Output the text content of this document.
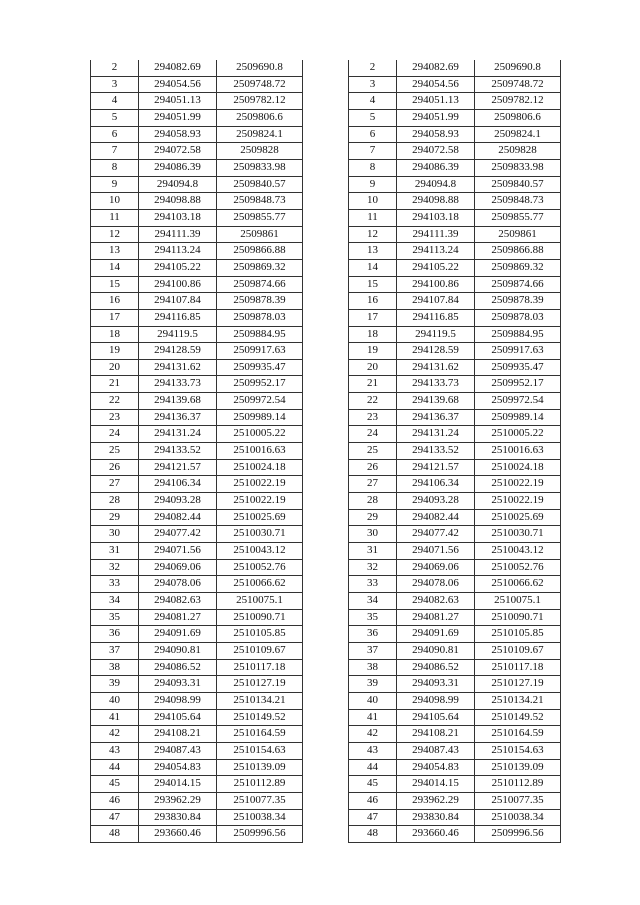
2	294082.69	2509690.8
3	294054.56	2509748.72
4	294051.13	2509782.12
5	294051.99	2509806.6
6	294058.93	2509824.1
7	294072.58	2509828
8	294086.39	2509833.98
9	294094.8	2509840.57
10	294098.88	2509848.73
11	294103.18	2509855.77
12	294111.39	2509861
13	294113.24	2509866.88
14	294105.22	2509869.32
15	294100.86	2509874.66
16	294107.84	2509878.39
17	294116.85	2509878.03
18	294119.5	2509884.95
19	294128.59	2509917.63
20	294131.62	2509935.47
21	294133.73	2509952.17
22	294139.68	2509972.54
23	294136.37	2509989.14
24	294131.24	2510005.22
25	294133.52	2510016.63
26	294121.57	2510024.18
27	294106.34	2510022.19
28	294093.28	2510022.19
29	294082.44	2510025.69
30	294077.42	2510030.71
31	294071.56	2510043.12
32	294069.06	2510052.76
33	294078.06	2510066.62
34	294082.63	2510075.1
35	294081.27	2510090.71
36	294091.69	2510105.85
37	294090.81	2510109.67
38	294086.52	2510117.18
39	294093.31	2510127.19
40	294098.99	2510134.21
41	294105.64	2510149.52
42	294108.21	2510164.59
43	294087.43	2510154.63
44	294054.83	2510139.09
45	294014.15	2510112.89
46	293962.29	2510077.35
47	293830.84	2510038.34
48	293660.46	2509996.56
2	294082.69	2509690.8
3	294054.56	2509748.72
4	294051.13	2509782.12
5	294051.99	2509806.6
6	294058.93	2509824.1
7	294072.58	2509828
8	294086.39	2509833.98
9	294094.8	2509840.57
10	294098.88	2509848.73
11	294103.18	2509855.77
12	294111.39	2509861
13	294113.24	2509866.88
14	294105.22	2509869.32
15	294100.86	2509874.66
16	294107.84	2509878.39
17	294116.85	2509878.03
18	294119.5	2509884.95
19	294128.59	2509917.63
20	294131.62	2509935.47
21	294133.73	2509952.17
22	294139.68	2509972.54
23	294136.37	2509989.14
24	294131.24	2510005.22
25	294133.52	2510016.63
26	294121.57	2510024.18
27	294106.34	2510022.19
28	294093.28	2510022.19
29	294082.44	2510025.69
30	294077.42	2510030.71
31	294071.56	2510043.12
32	294069.06	2510052.76
33	294078.06	2510066.62
34	294082.63	2510075.1
35	294081.27	2510090.71
36	294091.69	2510105.85
37	294090.81	2510109.67
38	294086.52	2510117.18
39	294093.31	2510127.19
40	294098.99	2510134.21
41	294105.64	2510149.52
42	294108.21	2510164.59
43	294087.43	2510154.63
44	294054.83	2510139.09
45	294014.15	2510112.89
46	293962.29	2510077.35
47	293830.84	2510038.34
48	293660.46	2509996.56
